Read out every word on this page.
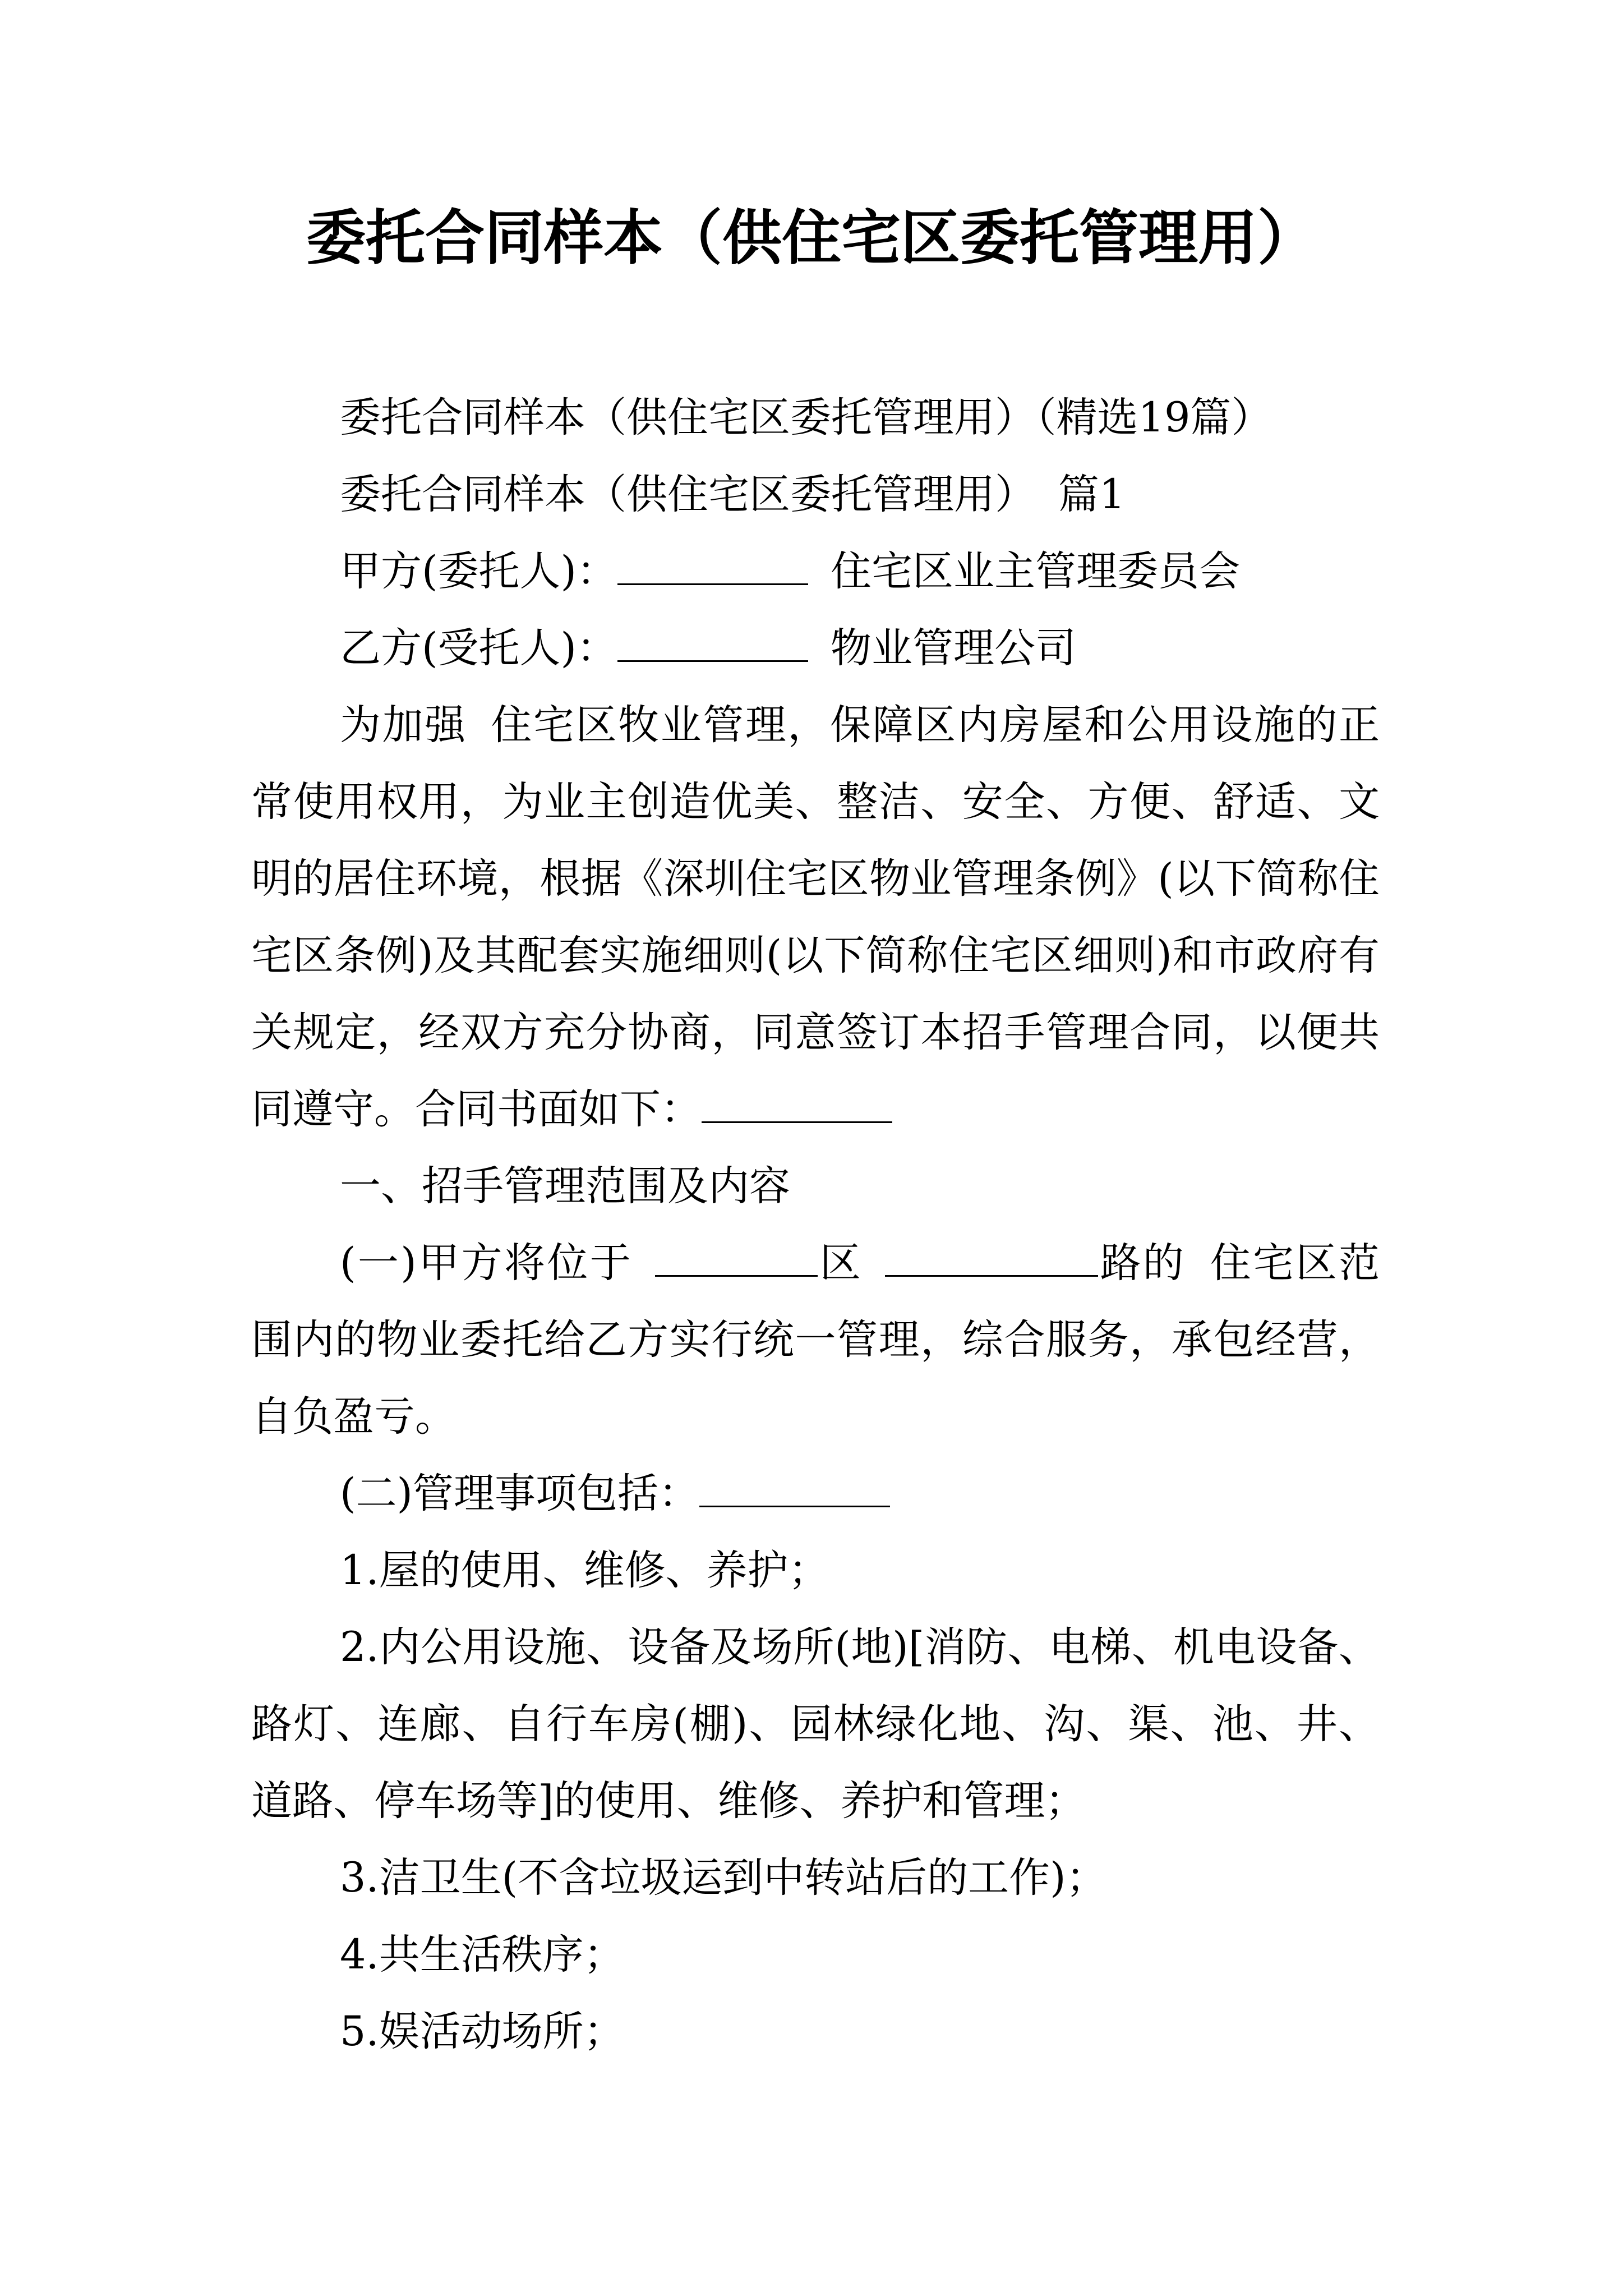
委托合同样本（供住宅区委托管理用）

委托合同样本（供住宅区委托管理用）（精选19篇）

委托合同样本（供住宅区委托管理用） 篇1

甲方(委托人)：	住宅区业主管理委员会

乙方(受托人)：	物业管理公司

为加强 住宅区牧业管理，保障区内房屋和公用设施的正常使用权用，为业主创造优美、整洁、安全、方便、舒适、文明的居住环境，根据《深圳住宅区物业管理条例》(以下简称住宅区条例)及其配套实施细则(以下简称住宅区细则)和市政府有关规定，经双方充分协商，同意签订本招手管理合同，以便共同遵守。合同书面如下：

一、招手管理范围及内容

(一)甲方将位于	区	路的 住宅区范围内的物业委托给乙方实行统一管理，综合服务，承包经营，自负盈亏。

(二)管理事项包括：

1.屋的使用、维修、养护；

2.内公用设施、设备及场所(地)[消防、电梯、机电设备、路灯、连廊、自行车房(棚)、园林绿化地、沟、渠、池、井、道路、停车场等]的使用、维修、养护和管理；

3.洁卫生(不含垃圾运到中转站后的工作)；

4.共生活秩序；

5.娱活动场所；
